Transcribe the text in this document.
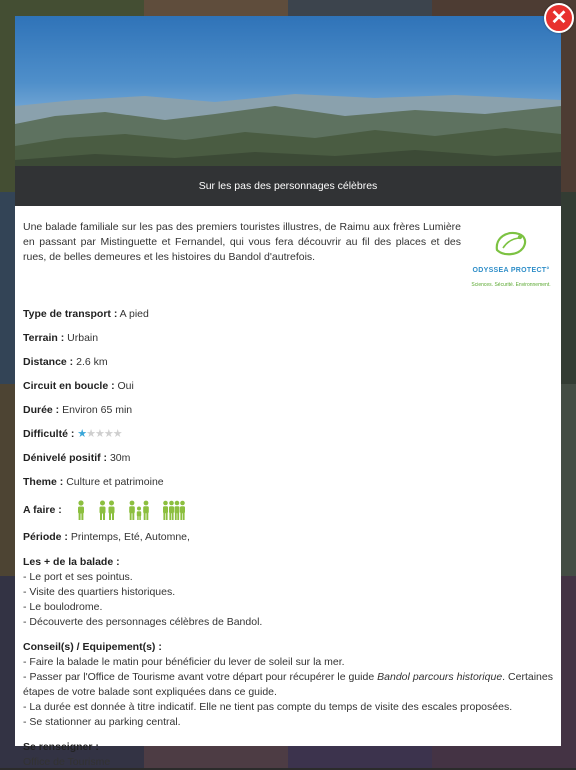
Sur les pas des personnages célèbres

Une balade familiale sur les pas des premiers touristes illustres, de Raimu aux frères Lumière en passant par Mistinguette et Fernandel, qui vous fera découvrir au fil des places et des rues, de belles demeures et les histoires du Bandol d'autrefois.

ODYSSEA PROTECT°
Sciences. Sécurité. Environnement.
Type de transport : A pied
Terrain : Urbain
Distance : 2.6 km
Circuit en boucle : Oui
Durée : Environ 65 min
Difficulté : ★★★★★
Dénivelé positif : 30m
Theme : Culture et patrimoine
A faire :
Période : Printemps, Eté, Automne,
Les + de la balade :
- Le port et ses pointus.
- Visite des quartiers historiques.
- Le boulodrome.
- Découverte des personnages célèbres de Bandol.
Conseil(s) / Equipement(s) :
- Faire la balade le matin pour bénéficier du lever de soleil sur la mer.
- Passer par l'Office de Tourisme avant votre départ pour récupérer le guide Bandol parcours historique. Certaines étapes de votre balade sont expliquées dans ce guide.
- La durée est donnée à titre indicatif. Elle ne tient pas compte du temps de visite des escales proposées.
- Se stationner au parking central.
Se renseigner :
Office de Tourisme
✕
